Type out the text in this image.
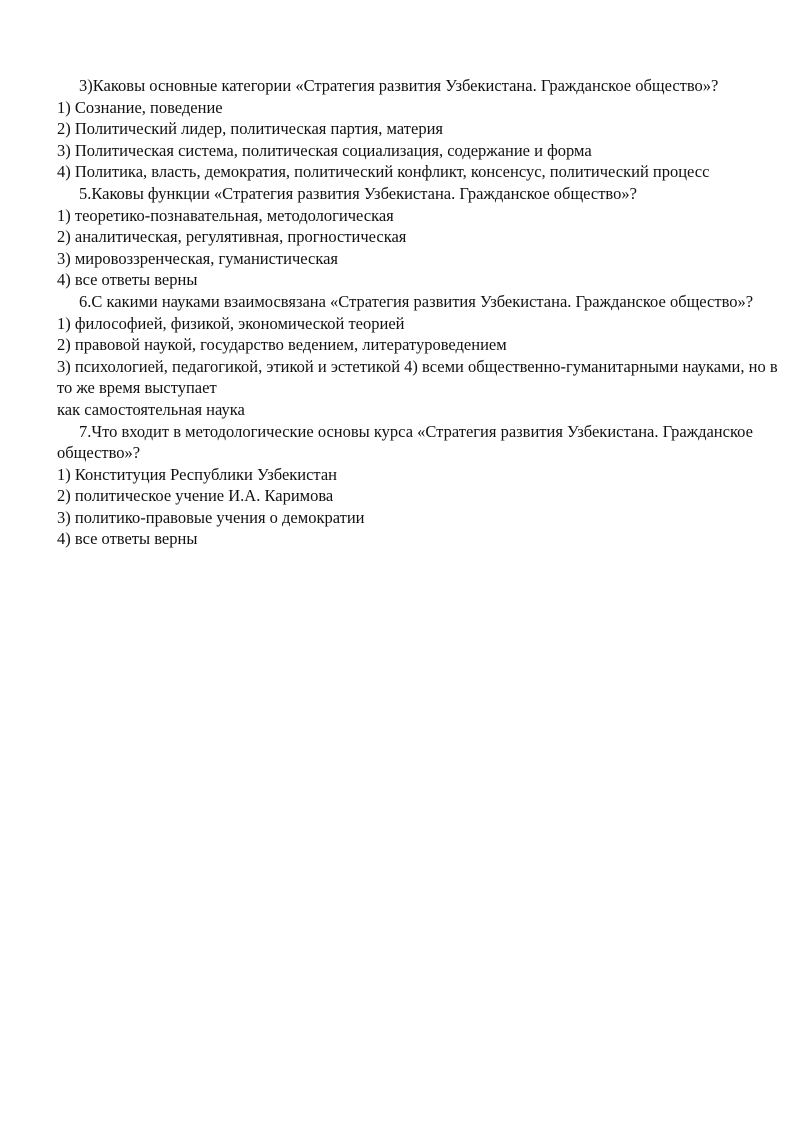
3)Каковы основные категории «Стратегия развития Узбекистана. Гражданское общество»?

1) Сознание, поведение

2) Политический лидер, политическая партия, материя

3) Политическая система, политическая социализация, содержание и форма

4) Политика, власть, демократия, политический конфликт, консенсус, политический процесс

5.Каковы функции «Стратегия развития Узбекистана. Гражданское общество»?

1) теоретико-познавательная, методологическая

2) аналитическая, регулятивная, прогностическая

3) мировоззренческая, гуманистическая

4) все ответы верны

6.С какими науками взаимосвязана «Стратегия развития Узбекистана. Гражданское общество»?

1) философией, физикой, экономической теорией

2) правовой наукой, государство ведением, литературоведением

3) психологией, педагогикой, этикой и эстетикой 4) всеми общественно-гуманитарными науками, но в то же время выступает

как самостоятельная наука

7.Что входит в методологические основы курса «Стратегия развития Узбекистана. Гражданское общество»?

1) Конституция Республики Узбекистан

2) политическое учение И.А. Каримова

3) политико-правовые учения о демократии

4) все ответы верны
